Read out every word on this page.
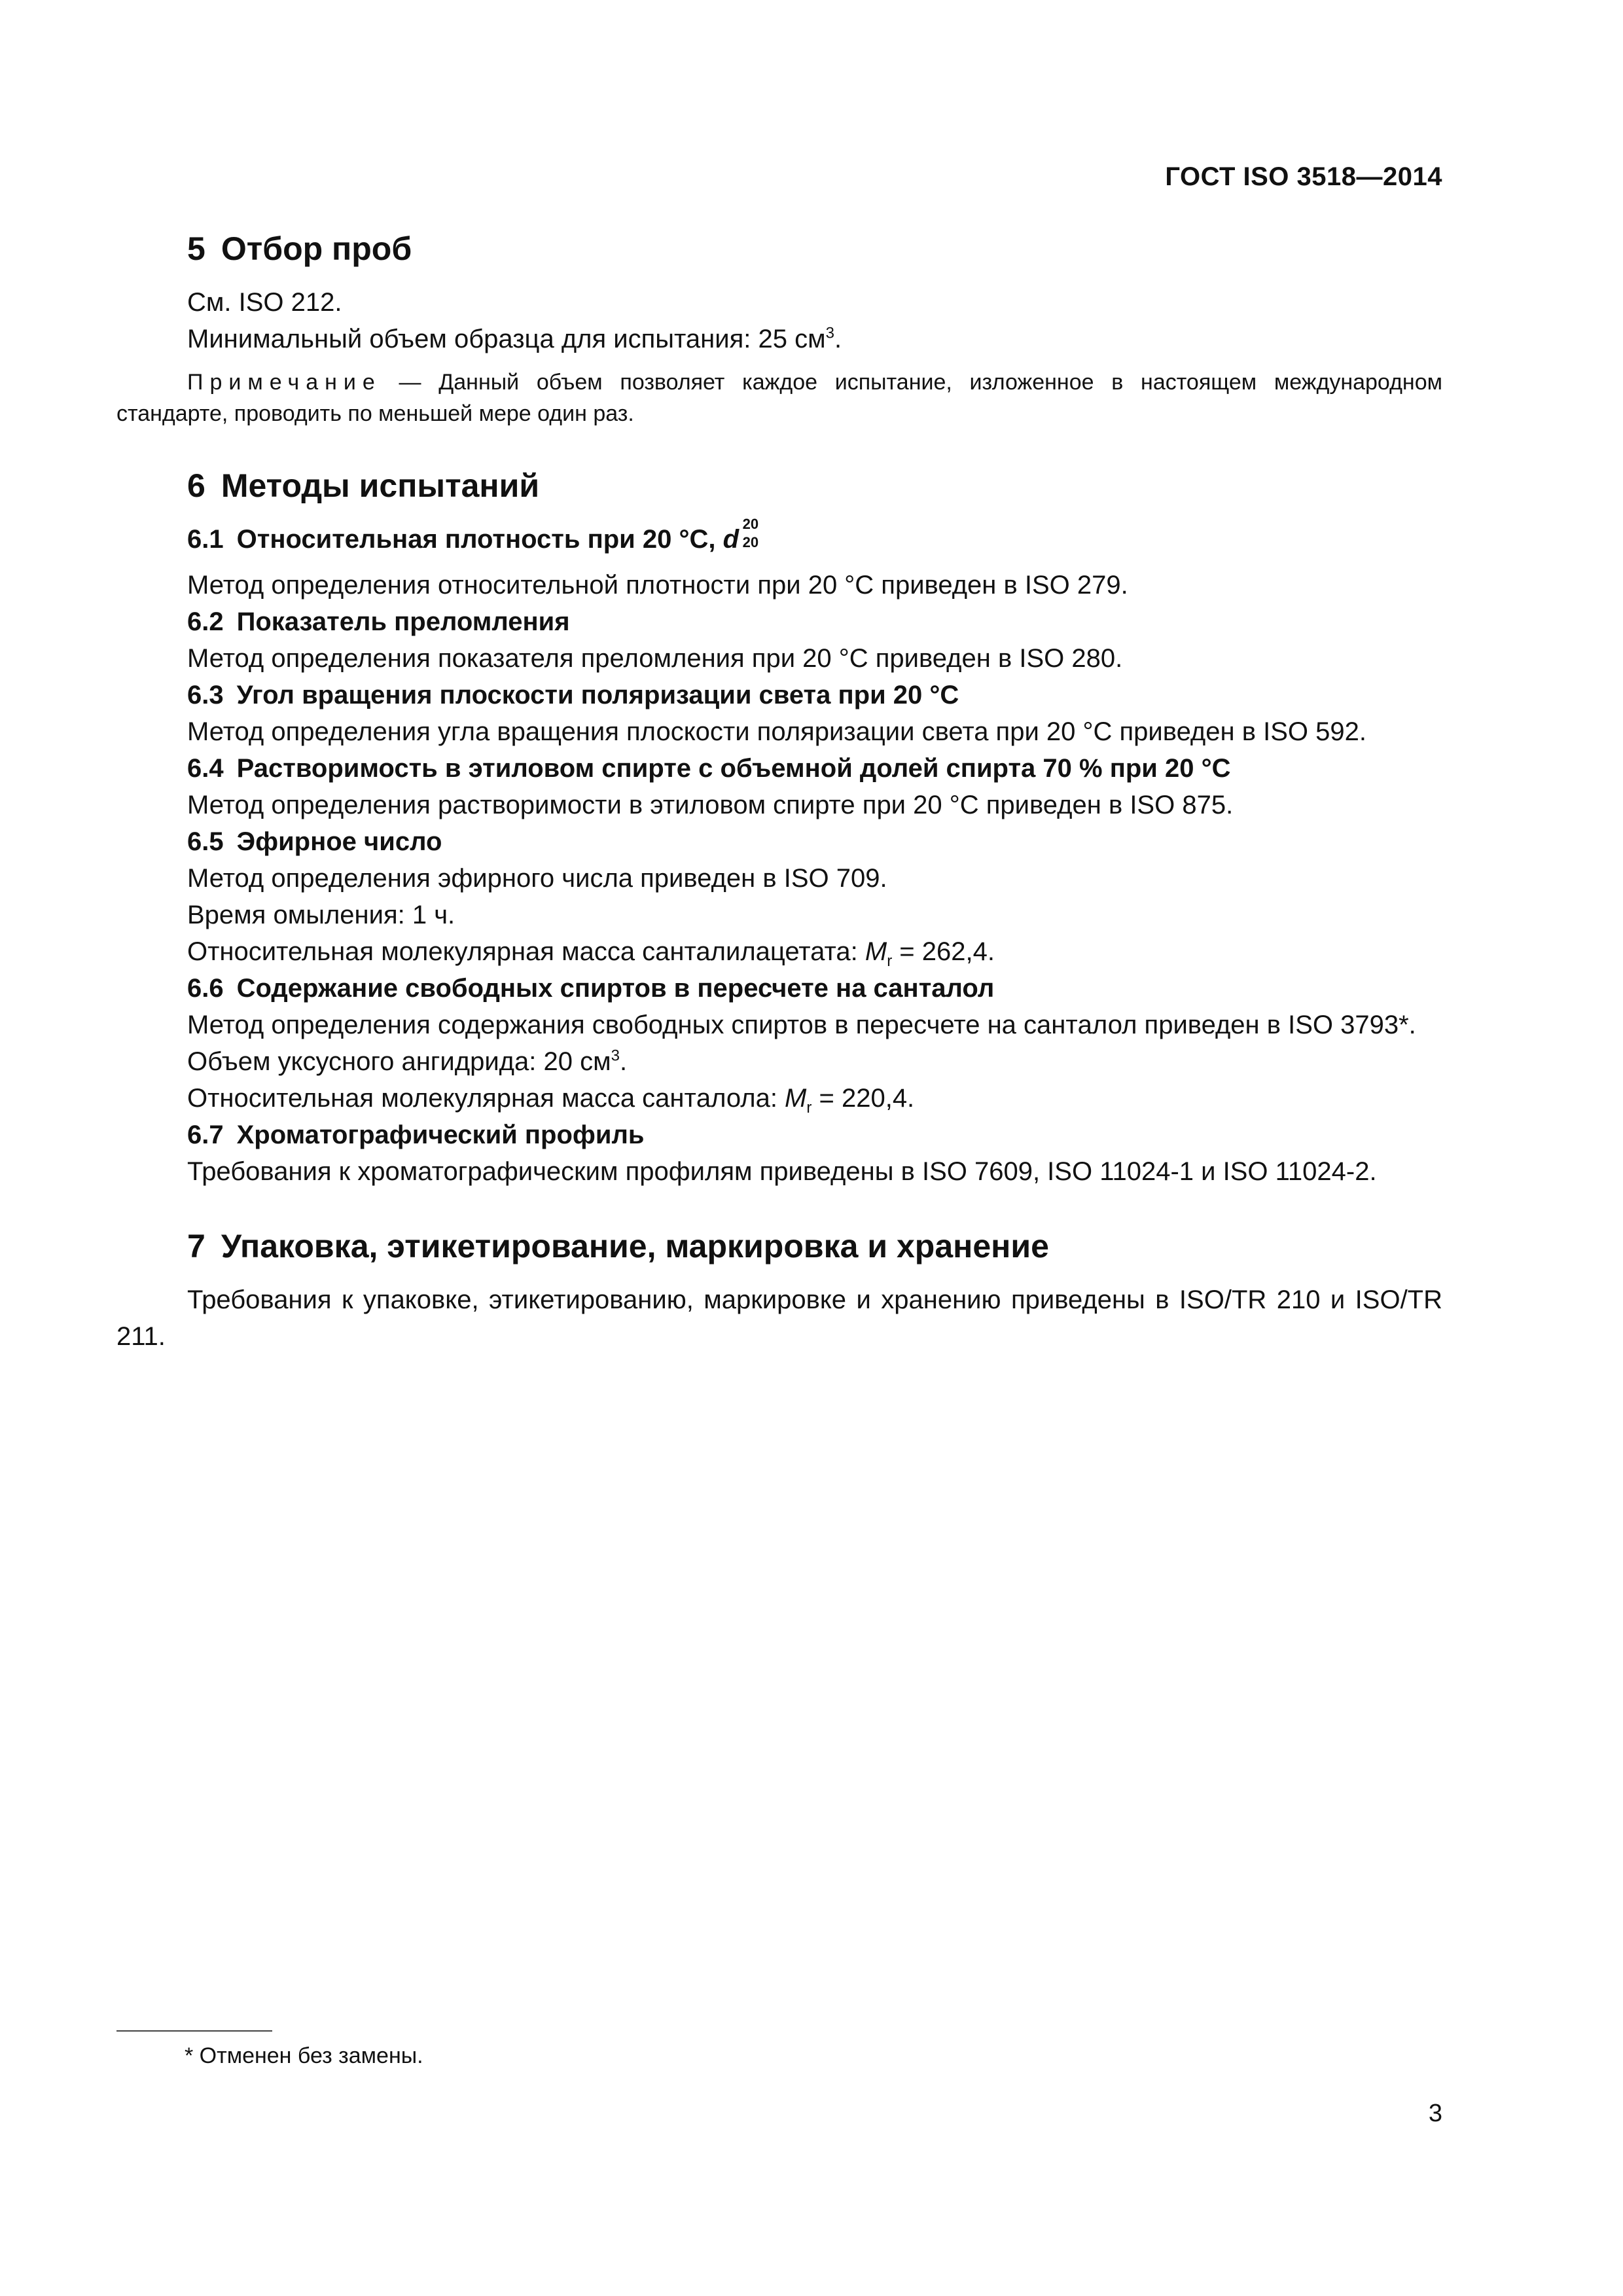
ГОСТ ISO 3518—2014
5 Отбор проб

См. ISO 212.

Минимальный объем образца для испытания: 25 $см^3$.

Примечание — Данный объем позволяет каждое испытание, изложенное в настоящем международном стандарте, проводить по меньшей мере один раз.

6 Методы испытаний
6.1 Относительная плотность при 20 °С, d
20
20

Метод определения относительной плотности при 20 °С приведен в ISO 279.

6.2 Показатель преломления

Метод определения показателя преломления при 20 °С приведен в ISO 280.

6.3 Угол вращения плоскости поляризации света при 20 °С

Метод определения угла вращения плоскости поляризации света при 20 °С приведен в ISO 592.

6.4 Растворимость в этиловом спирте с объемной долей спирта 70 % при 20 °С

Метод определения растворимости в этиловом спирте при 20 °С приведен в ISO 875.

6.5 Эфирное число

Метод определения эфирного числа приведен в ISO 709.

Время омыления: 1 ч.

Относительная молекулярная масса санталилацетата: $M_r = 262,4$.

6.6 Содержание свободных спиртов в пересчете на сантaлол

Метод определения содержания свободных спиртов в пересчете на сантaлол приведен в ISO 3793*.

Объем уксусного ангидрида: 20 $см^3$.

Относительная молекулярная масса сантaлола: $M_r = 220,4$.

6.7 Хроматографический профиль

Требования к хроматографическим профилям приведены в ISO 7609, ISO 11024-1 и ISO 11024-2.

7 Упаковка, этикетирование, маркировка и хранение

Требования к упаковке, этикетированию, маркировке и хранению приведены в ISO/TR 210 и ISO/TR 211.

* Отменен без замены.
3
